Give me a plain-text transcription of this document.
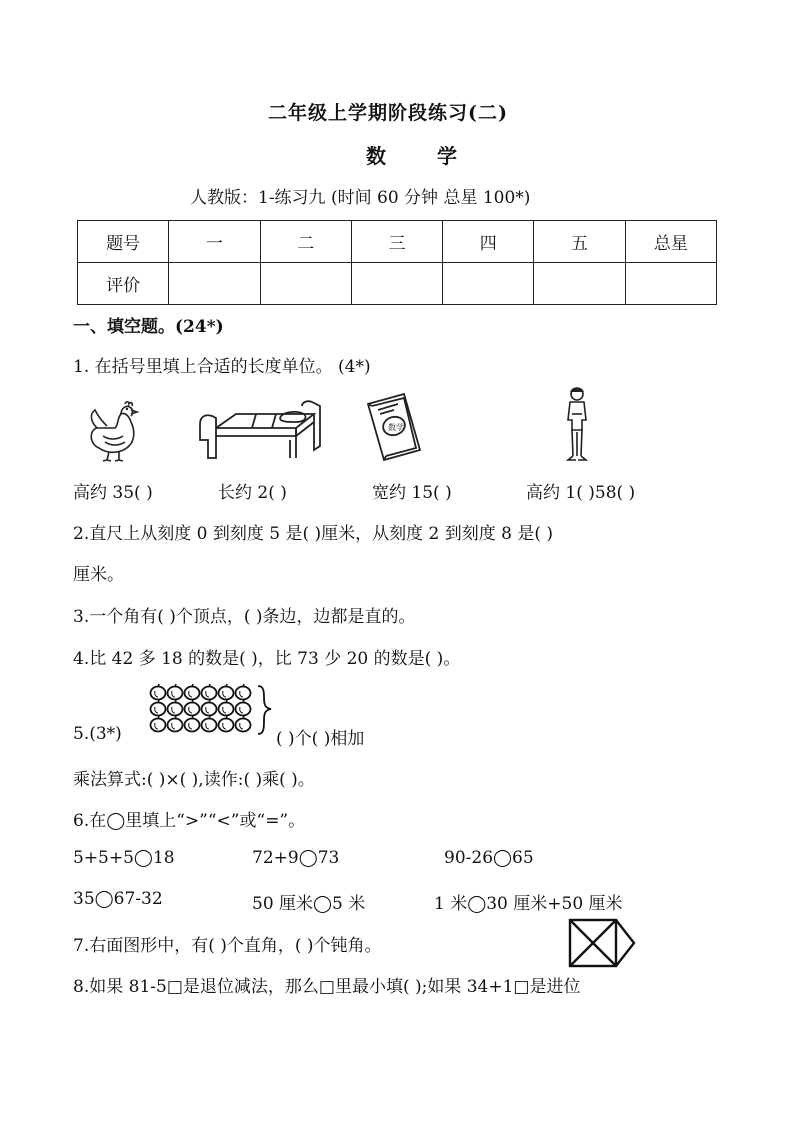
二年级上学期阶段练习(二)
数 学
人教版：1-练习九 (时间 60 分钟 总星 100*)
题号	一	二	三	四	五	总星
评价						
一、填空题。(24*)
1. 在括号里填上合适的长度单位。 (4*)
数学
高约 35( )	长约 2( )	宽约 15( )	高约 1( )58( )
2.直尺上从刻度 0 到刻度 5 是( )厘米，从刻度 2 到刻度 8 是( )
厘米。
3.一个角有( )个顶点，( )条边，边都是直的。
4.比 42 多 18 的数是( )，比 73 少 20 的数是( )。
5.(3*)	( )个( )相加
乘法算式:( )×( ),读作:( )乘( )。
6.在◯里填上“>”“<”或“=”。
5+5+5◯18	72+9◯73	90-26◯65
35◯67-32	50 厘米◯5 米	1 米◯30 厘米+50 厘米
7.右面图形中，有( )个直角，( )个钝角。
8.如果 81-5□是退位减法，那么□里最小填( );如果 34+1□是进位
